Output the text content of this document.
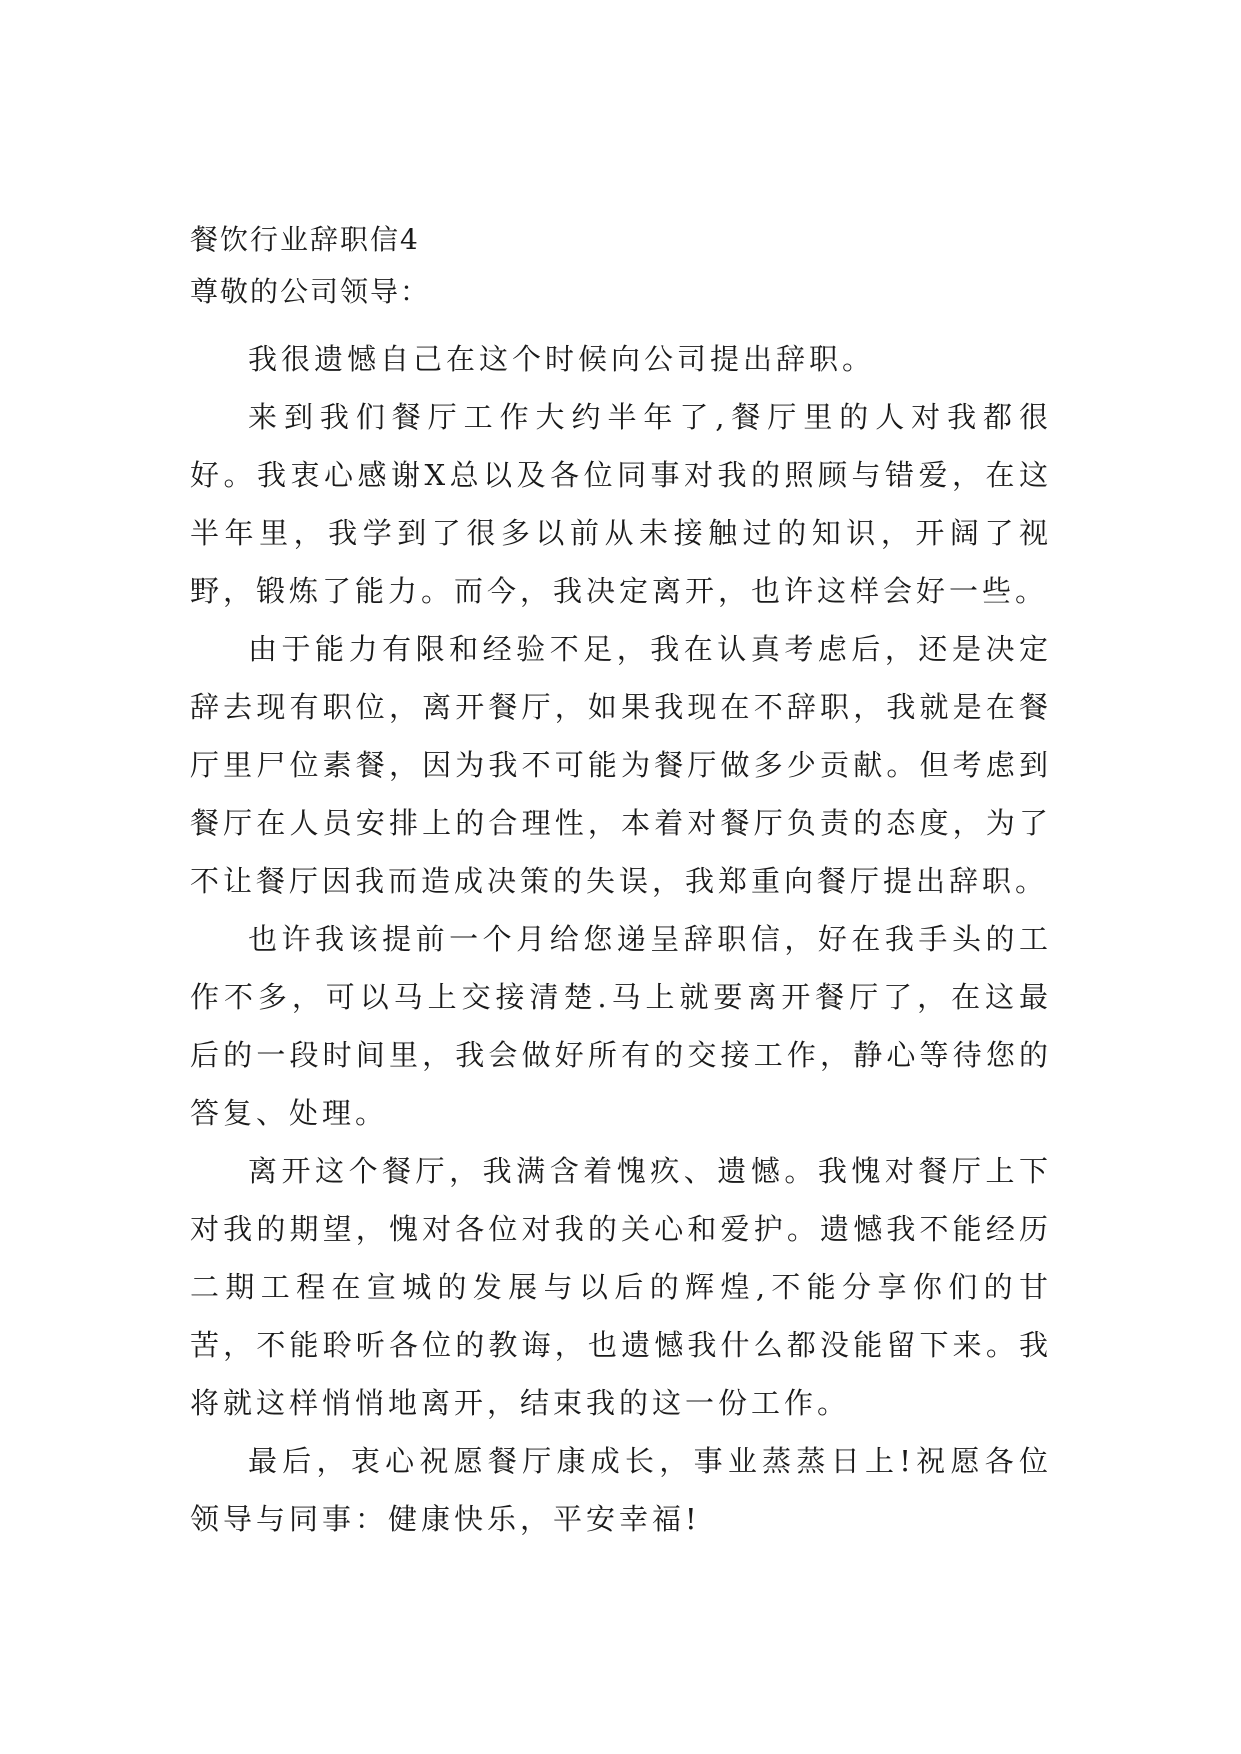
餐饮行业辞职信4

尊敬的公司领导：

我很遗憾自己在这个时候向公司提出辞职。

来到我们餐厅工作大约半年了,餐厅里的人对我都很好。我衷心感谢X总以及各位同事对我的照顾与错爱，在这半年里，我学到了很多以前从未接触过的知识，开阔了视野，锻炼了能力。而今，我决定离开，也许这样会好一些。

由于能力有限和经验不足，我在认真考虑后，还是决定辞去现有职位，离开餐厅，如果我现在不辞职，我就是在餐厅里尸位素餐，因为我不可能为餐厅做多少贡献。但考虑到餐厅在人员安排上的合理性，本着对餐厅负责的态度，为了不让餐厅因我而造成决策的失误，我郑重向餐厅提出辞职。

也许我该提前一个月给您递呈辞职信，好在我手头的工作不多，可以马上交接清楚.马上就要离开餐厅了，在这最后的一段时间里，我会做好所有的交接工作，静心等待您的答复、处理。

离开这个餐厅，我满含着愧疚、遗憾。我愧对餐厅上下对我的期望，愧对各位对我的关心和爱护。遗憾我不能经历二期工程在宣城的发展与以后的辉煌,不能分享你们的甘苦，不能聆听各位的教诲，也遗憾我什么都没能留下来。我将就这样悄悄地离开，结束我的这一份工作。

最后，衷心祝愿餐厅康成长，事业蒸蒸日上!祝愿各位领导与同事：健康快乐，平安幸福!
